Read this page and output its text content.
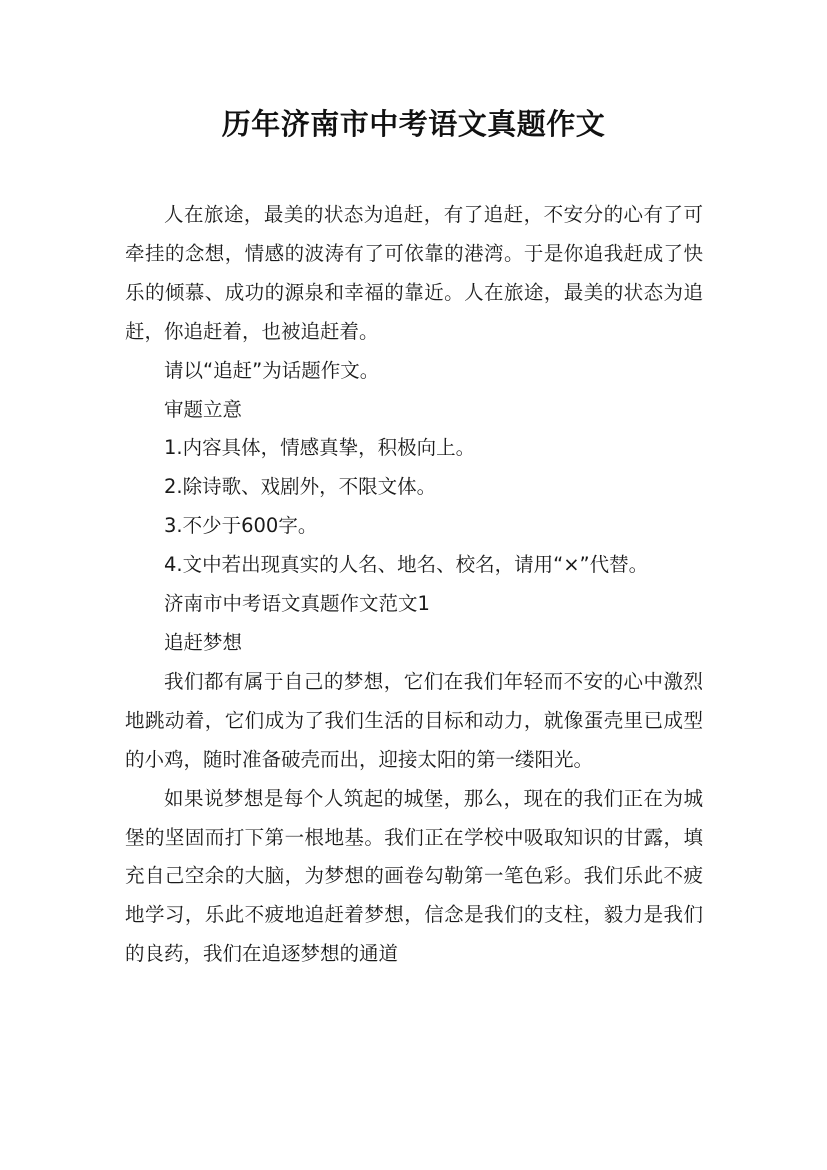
历年济南市中考语文真题作文

人在旅途，最美的状态为追赶，有了追赶，不安分的心有了可牵挂的念想，情感的波涛有了可依靠的港湾。于是你追我赶成了快乐的倾慕、成功的源泉和幸福的靠近。人在旅途，最美的状态为追赶，你追赶着，也被追赶着。

请以“追赶”为话题作文。

审题立意

1.内容具体，情感真挚，积极向上。

2.除诗歌、戏剧外，不限文体。

3.不少于600字。

4.文中若出现真实的人名、地名、校名，请用“×”代替。

济南市中考语文真题作文范文1

追赶梦想

我们都有属于自己的梦想，它们在我们年轻而不安的心中激烈地跳动着，它们成为了我们生活的目标和动力，就像蛋壳里已成型的小鸡，随时准备破壳而出，迎接太阳的第一缕阳光。

如果说梦想是每个人筑起的城堡，那么，现在的我们正在为城堡的坚固而打下第一根地基。我们正在学校中吸取知识的甘露，填充自己空余的大脑，为梦想的画卷勾勒第一笔色彩。我们乐此不疲地学习，乐此不疲地追赶着梦想，信念是我们的支柱，毅力是我们的良药，我们在追逐梦想的通道
